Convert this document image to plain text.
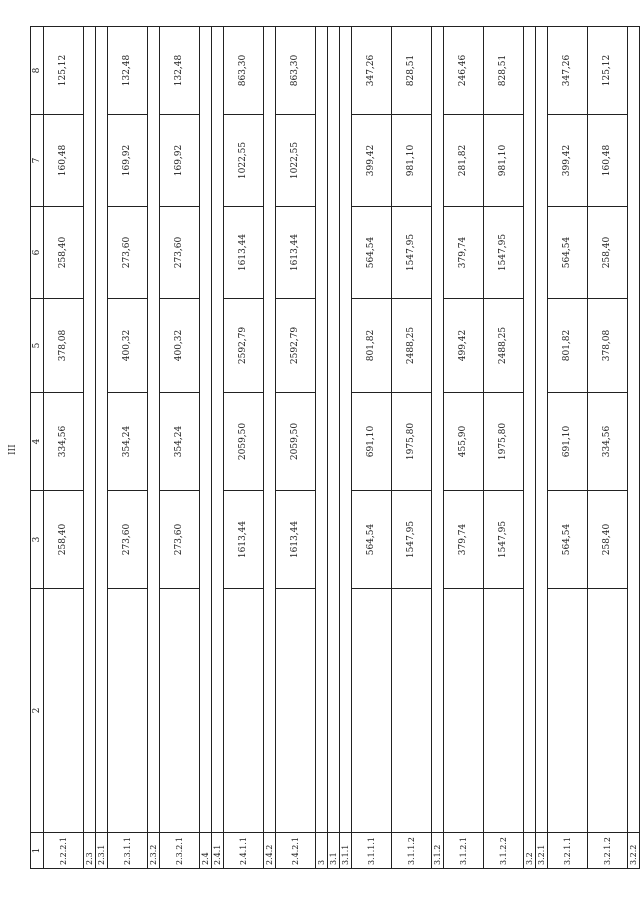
III
1	2	3	4	5	6	7	8
2.2.2.1		258,40	334,56	378,08	258,40	160,48	125,12
2.3							
2.3.1							
2.3.1.1		273,60	354,24	400,32	273,60	169,92	132,48
2.3.2							
2.3.2.1		273,60	354,24	400,32	273,60	169,92	132,48
2.4							
2.4.1							
2.4.1.1		1613,44	2059,50	2592,79	1613,44	1022,55	863,30
2.4.2							
2.4.2.1		1613,44	2059,50	2592,79	1613,44	1022,55	863,30
3							
3.1							
3.1.1							
3.1.1.1		564,54	691,10	801,82	564,54	399,42	347,26
3.1.1.2		1547,95	1975,80	2488,25	1547,95	981,10	828,51
3.1.2							
3.1.2.1		379,74	455,90	499,42	379,74	281,82	246,46
3.1.2.2		1547,95	1975,80	2488,25	1547,95	981,10	828,51
3.2							
3.2.1							
3.2.1.1		564,54	691,10	801,82	564,54	399,42	347,26
3.2.1.2		258,40	334,56	378,08	258,40	160,48	125,12
3.2.2							
